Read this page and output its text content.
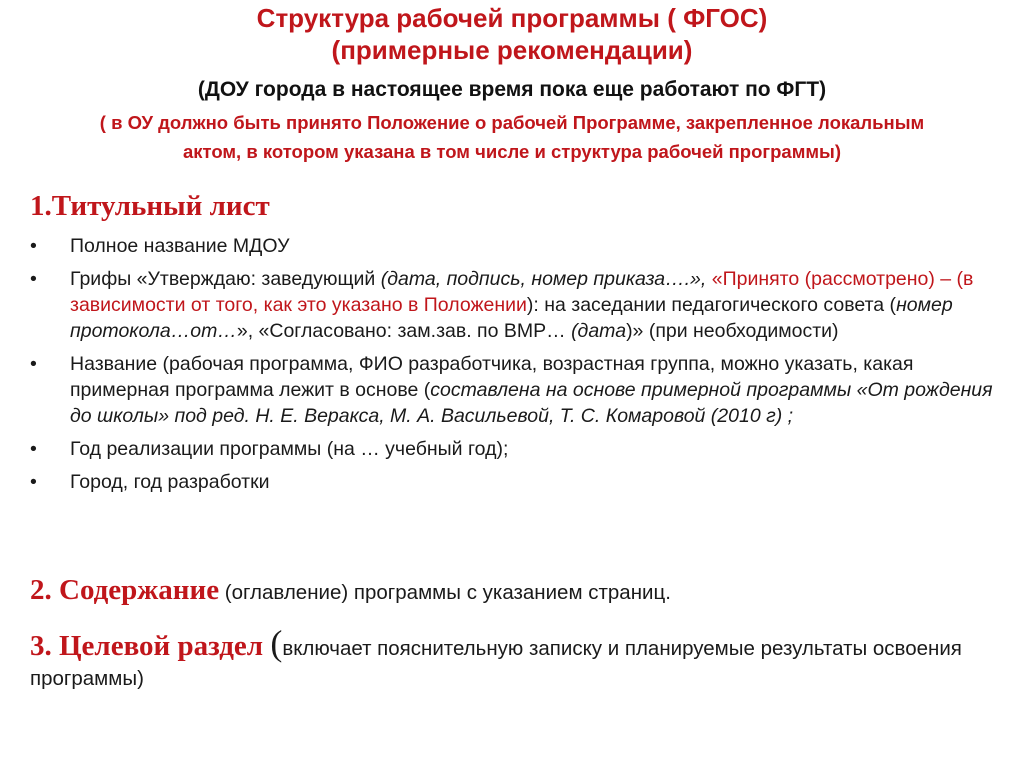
Структура рабочей программы ( ФГОС)
(примерные рекомендации)
(ДОУ города в настоящее время пока еще работают по ФГТ)
( в ОУ должно быть принято Положение о рабочей Программе, закрепленное локальным актом, в котором указана в том числе и структура рабочей программы)
1.Титульный лист
• Полное название МДОУ
• Грифы «Утверждаю: заведующий (дата, подпись, номер приказа….», «Принято (рассмотрено) – (в зависимости от того, как это указано в Положении): на заседании педагогического совета (номер протокола…от…», «Согласовано: зам.зав. по ВМР… (дата)» (при необходимости)
• Название (рабочая программа, ФИО разработчика, возрастная группа, можно указать, какая примерная программа лежит в основе (составлена на основе примерной программы «От рождения до школы» под ред. Н. Е. Веракса, М. А. Васильевой, Т. С. Комаровой (2010 г) ;
• Год реализации программы (на … учебный год);
• Город, год разработки
2. Содержание (оглавление) программы с указанием страниц.
3. Целевой раздел (включает пояснительную записку и планируемые результаты освоения программы)
